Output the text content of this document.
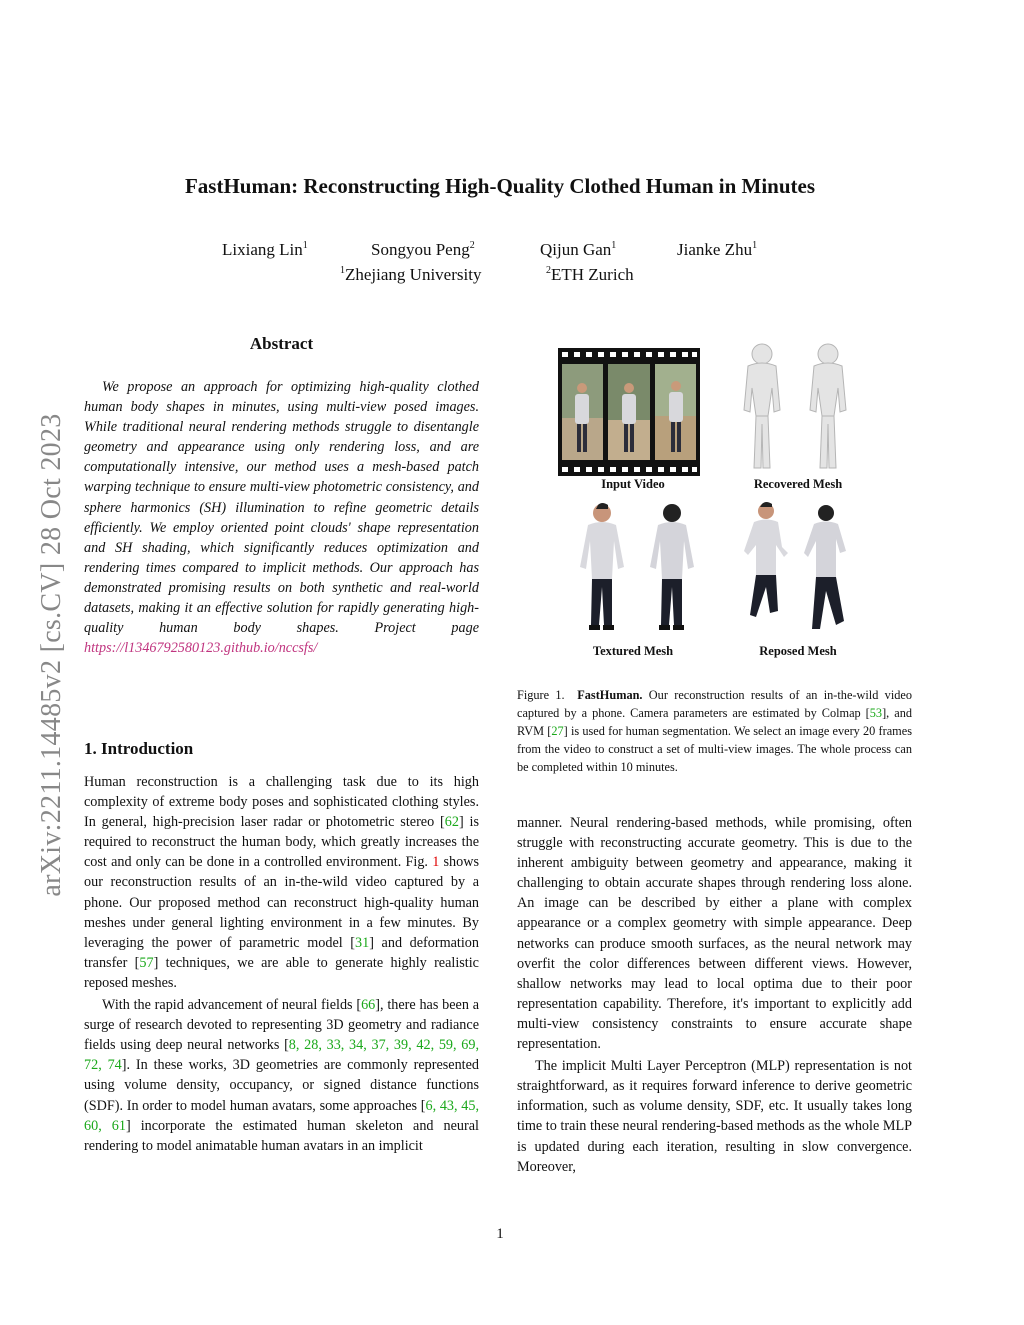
arXiv:2211.14485v2 [cs.CV] 28 Oct 2023
FastHuman: Reconstructing High-Quality Clothed Human in Minutes
Lixiang Lin$^1$	Songyou Peng$^2$	Qijun Gan$^1$	Jianke Zhu$^1$
$^1$Zhejiang University	$^2$ETH Zurich
Abstract
We propose an approach for optimizing high-quality clothed human body shapes in minutes, using multi-view posed images. While traditional neural rendering methods struggle to disentangle geometry and appearance using only rendering loss, and are computationally intensive, our method uses a mesh-based patch warping technique to ensure multi-view photometric consistency, and sphere harmonics (SH) illumination to refine geometric details efficiently. We employ oriented point clouds' shape representation and SH shading, which significantly reduces optimization and rendering times compared to implicit methods. Our approach has demonstrated promising results on both synthetic and real-world datasets, making it an effective solution for rapidly generating high-quality human body shapes. Project page https://l1346792580123.github.io/nccsfs/
1. Introduction

Human reconstruction is a challenging task due to its high complexity of extreme body poses and sophisticated clothing styles. In general, high-precision laser radar or photometric stereo [62] is required to reconstruct the human body, which greatly increases the cost and only can be done in a controlled environment. Fig. 1 shows our reconstruction results of an in-the-wild video captured by a phone. Our proposed method can reconstruct high-quality human meshes under general lighting environment in a few minutes. By leveraging the power of parametric model [31] and deformation transfer [57] techniques, we are able to generate highly realistic reposed meshes.

With the rapid advancement of neural fields [66], there has been a surge of research devoted to representing 3D geometry and radiance fields using deep neural networks [8, 28, 33, 34, 37, 39, 42, 59, 69, 72, 74]. In these works, 3D geometries are commonly represented using volume density, occupancy, or signed distance functions (SDF). In order to model human avatars, some approaches [6, 43, 45, 60, 61] incorporate the estimated human skeleton and neural rendering to model animatable human avatars in an implicit

Input Video	Recovered Mesh
Textured Mesh	Reposed Mesh
Figure 1. FastHuman. Our reconstruction results of an in-the-wild video captured by a phone. Camera parameters are estimated by Colmap [53], and RVM [27] is used for human segmentation. We select an image every 20 frames from the video to construct a set of multi-view images. The whole process can be completed within 10 minutes.

manner. Neural rendering-based methods, while promising, often struggle with reconstructing accurate geometry. This is due to the inherent ambiguity between geometry and appearance, making it challenging to obtain accurate shapes through rendering loss alone. An image can be described by either a plane with complex appearance or a complex geometry with simple appearance. Deep networks can produce smooth surfaces, as the neural network may overfit the color differences between different views. However, shallow networks may lead to local optima due to their poor representation capability. Therefore, it's important to explicitly add multi-view consistency constraints to ensure accurate shape representation.

The implicit Multi Layer Perceptron (MLP) representation is not straightforward, as it requires forward inference to derive geometric information, such as volume density, SDF, etc. It usually takes long time to train these neural rendering-based methods as the whole MLP is updated during each iteration, resulting in slow convergence. Moreover,

1
